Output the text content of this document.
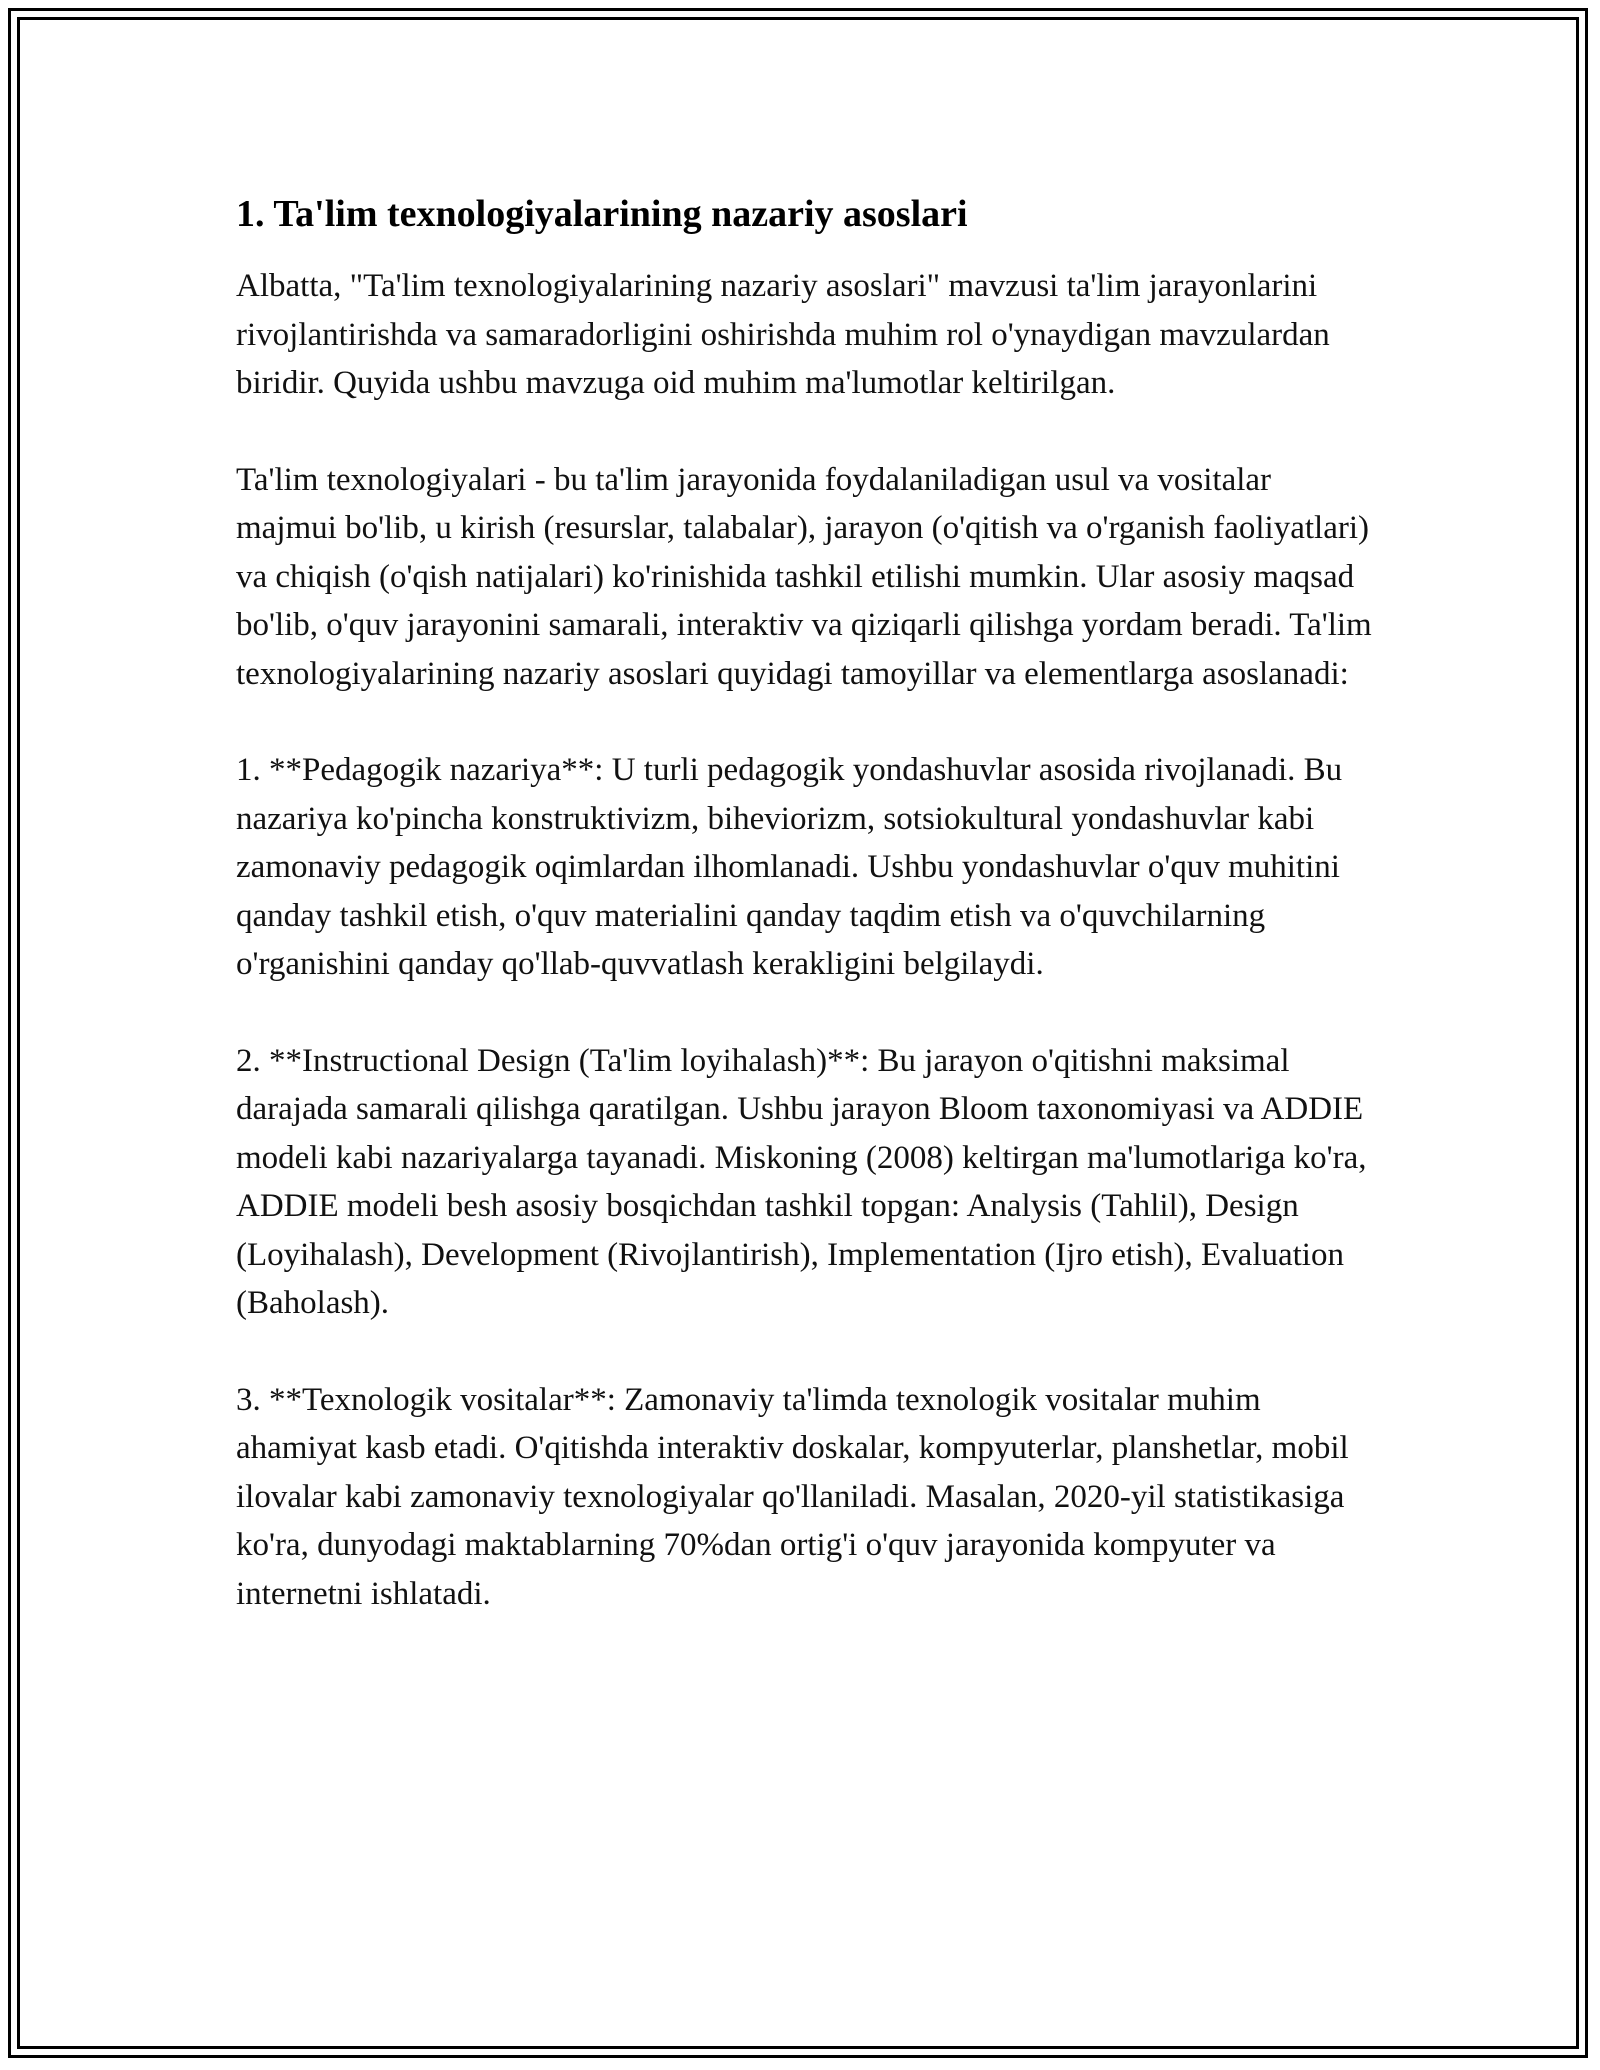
1. Ta'lim texnologiyalarining nazariy asoslari

Albatta, "Ta'lim texnologiyalarining nazariy asoslari" mavzusi ta'lim jarayonlarini rivojlantirishda va samaradorligini oshirishda muhim rol o'ynaydigan mavzulardan biridir. Quyida ushbu mavzuga oid muhim ma'lumotlar keltirilgan.

Ta'lim texnologiyalari - bu ta'lim jarayonida foydalaniladigan usul va vositalar majmui bo'lib, u kirish (resurslar, talabalar), jarayon (o'qitish va o'rganish faoliyatlari) va chiqish (o'qish natijalari) ko'rinishida tashkil etilishi mumkin. Ular asosiy maqsad bo'lib, o'quv jarayonini samarali, interaktiv va qiziqarli qilishga yordam beradi. Ta'lim texnologiyalarining nazariy asoslari quyidagi tamoyillar va elementlarga asoslanadi:

1. **Pedagogik nazariya**: U turli pedagogik yondashuvlar asosida rivojlanadi. Bu nazariya ko'pincha konstruktivizm, biheviorizm, sotsiokultural yondashuvlar kabi zamonaviy pedagogik oqimlardan ilhomlanadi. Ushbu yondashuvlar o'quv muhitini qanday tashkil etish, o'quv materialini qanday taqdim etish va o'quvchilarning o'rganishini qanday qo'llab-quvvatlash kerakligini belgilaydi.

2. **Instructional Design (Ta'lim loyihalash)**: Bu jarayon o'qitishni maksimal darajada samarali qilishga qaratilgan. Ushbu jarayon Bloom taxonomiyasi va ADDIE modeli kabi nazariyalarga tayanadi. Miskoning (2008) keltirgan ma'lumotlariga ko'ra, ADDIE modeli besh asosiy bosqichdan tashkil topgan: Analysis (Tahlil), Design (Loyihalash), Development (Rivojlantirish), Implementation (Ijro etish), Evaluation (Baholash).

3. **Texnologik vositalar**: Zamonaviy ta'limda texnologik vositalar muhim ahamiyat kasb etadi. O'qitishda interaktiv doskalar, kompyuterlar, planshetlar, mobil ilovalar kabi zamonaviy texnologiyalar qo'llaniladi. Masalan, 2020-yil statistikasiga ko'ra, dunyodagi maktablarning 70%dan ortig'i o'quv jarayonida kompyuter va internetni ishlatadi.
